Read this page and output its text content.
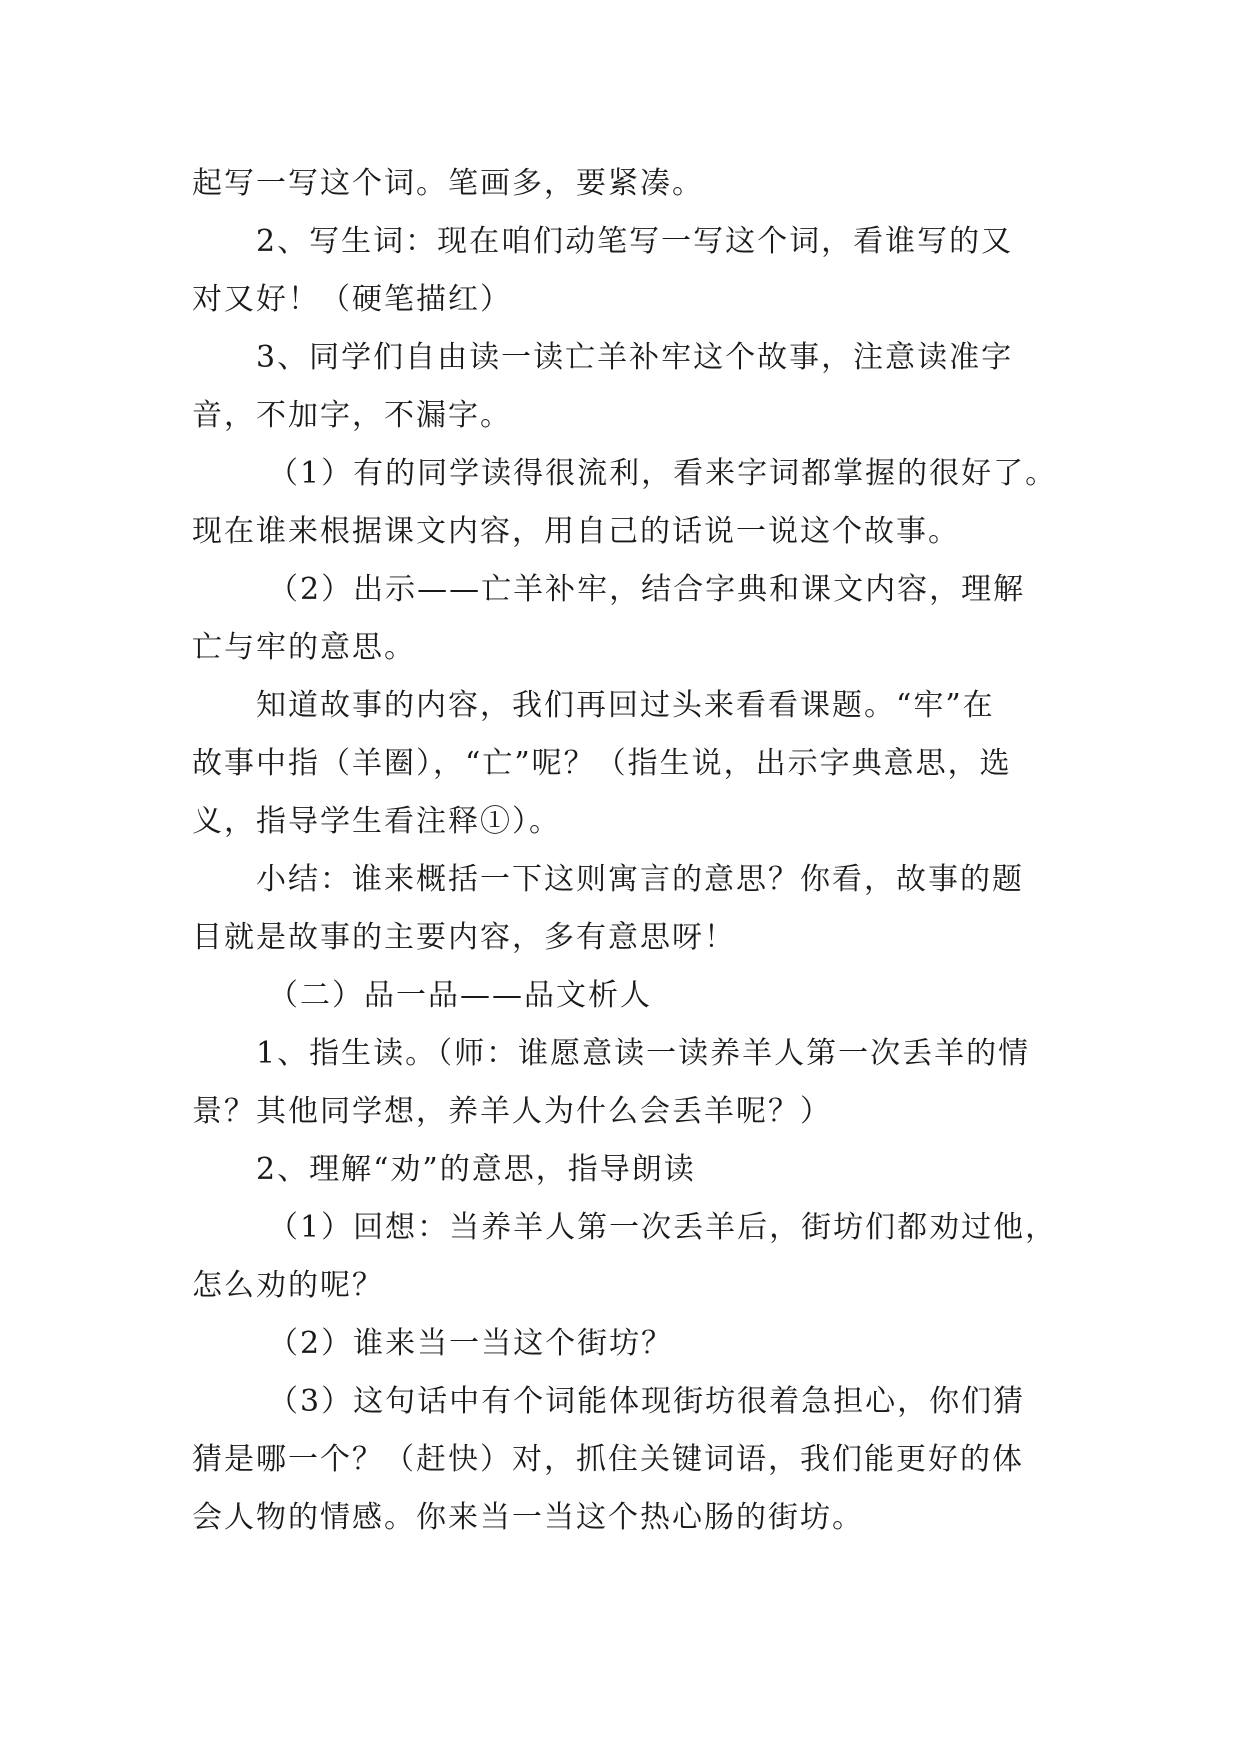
起写一写这个词。笔画多，要紧凑。
2、写生词：现在咱们动笔写一写这个词，看谁写的又
对又好！（硬笔描红）
3、同学们自由读一读亡羊补牢这个故事，注意读准字
音，不加字，不漏字。
（1）有的同学读得很流利，看来字词都掌握的很好了。
现在谁来根据课文内容，用自己的话说一说这个故事。
（2）出示——亡羊补牢，结合字典和课文内容，理解
亡与牢的意思。
知道故事的内容，我们再回过头来看看课题。“牢”在
故事中指（羊圈），“亡”呢？（指生说，出示字典意思，选
义，指导学生看注释①）。
小结：谁来概括一下这则寓言的意思？你看，故事的题
目就是故事的主要内容，多有意思呀！
（二）品一品——品文析人
1、指生读。（师：谁愿意读一读养羊人第一次丢羊的情
景？其他同学想，养羊人为什么会丢羊呢？）
2、理解“劝”的意思，指导朗读
（1）回想：当养羊人第一次丢羊后，街坊们都劝过他，
怎么劝的呢？
（2）谁来当一当这个街坊？
（3）这句话中有个词能体现街坊很着急担心，你们猜
猜是哪一个？（赶快）对，抓住关键词语，我们能更好的体
会人物的情感。你来当一当这个热心肠的街坊。
